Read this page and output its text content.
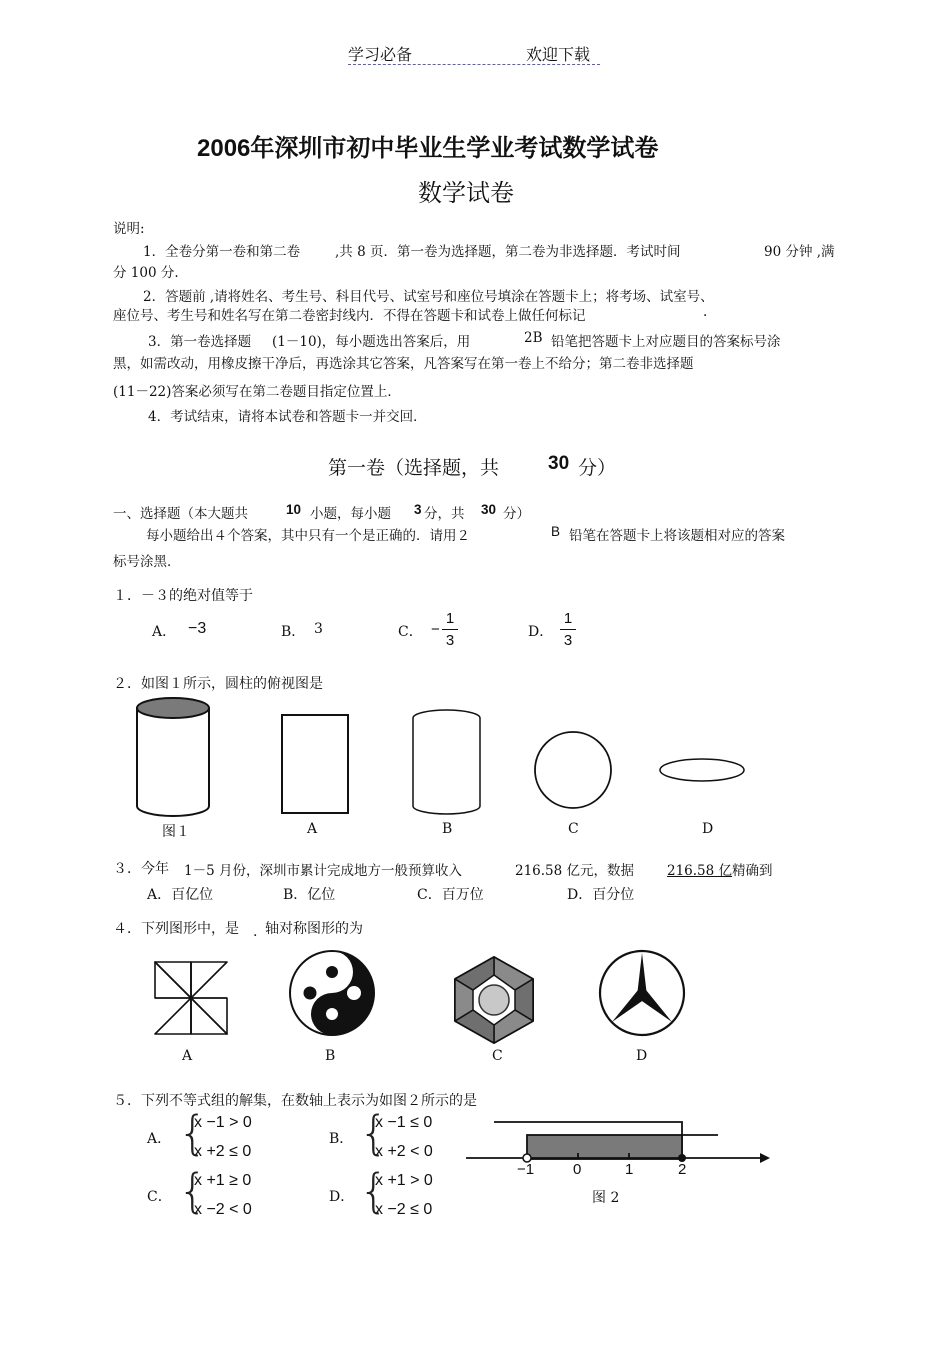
学习必备	欢迎下载
2006年深圳市初中毕业生学业考试数学试卷
数学试卷
说明:
1．全卷分第一卷和第二卷	,共 8 页．第一卷为选择题，第二卷为非选择题．考试时间	90 分钟 ,满
分 100 分.
2．答题前 ,请将姓名、考生号、科目代号、试室号和座位号填涂在答题卡上；将考场、试室号、
座位号、考生号和姓名写在第二卷密封线内．不得在答题卡和试卷上做任何标记	.
3．第一卷选择题 (1－10)，每小题选出答案后，用	2B 铅笔把答题卡上对应题目的答案标号涂
黑，如需改动，用橡皮擦干净后，再选涂其它答案，凡答案写在第一卷上不给分；第二卷非选择题
(11－22)答案必须写在第二卷题目指定位置上．
4．考试结束，请将本试卷和答题卡一并交回．
第一卷（选择题，共	30 分）
一、选择题（本大题共	10 小题，每小题 3 分，共 30 分）
每小题给出４个答案，其中只有一个是正确的．请用２	B 铅笔在答题卡上将该题相对应的答案
标号涂黑．
１．－３的绝对值等于
A． −3	B． 3	C． −
1
3	D．
1
3
２．如图１所示，圆柱的俯视图是
图１	A	B	C	D
３．今年 1－5 月份，深圳市累计完成地方一般预算收入	216.58 亿元，数据 216.58 亿 精确到
A．百亿位	B．亿位	C．百万位	D．百分位
４．下列图形中，是 . 轴对称图形的为
A	B	C	D
５．下列不等式组的解集，在数轴上表示为如图２所示的是
A． {
x −1 > 0
x +2 ≤ 0
B． {
x −1 ≤ 0
x +2 < 0
C． {
x +1 ≥ 0
x −2 < 0
D． {
x +1 > 0
x −2 ≤ 0
−1	0	1	2
图 2
